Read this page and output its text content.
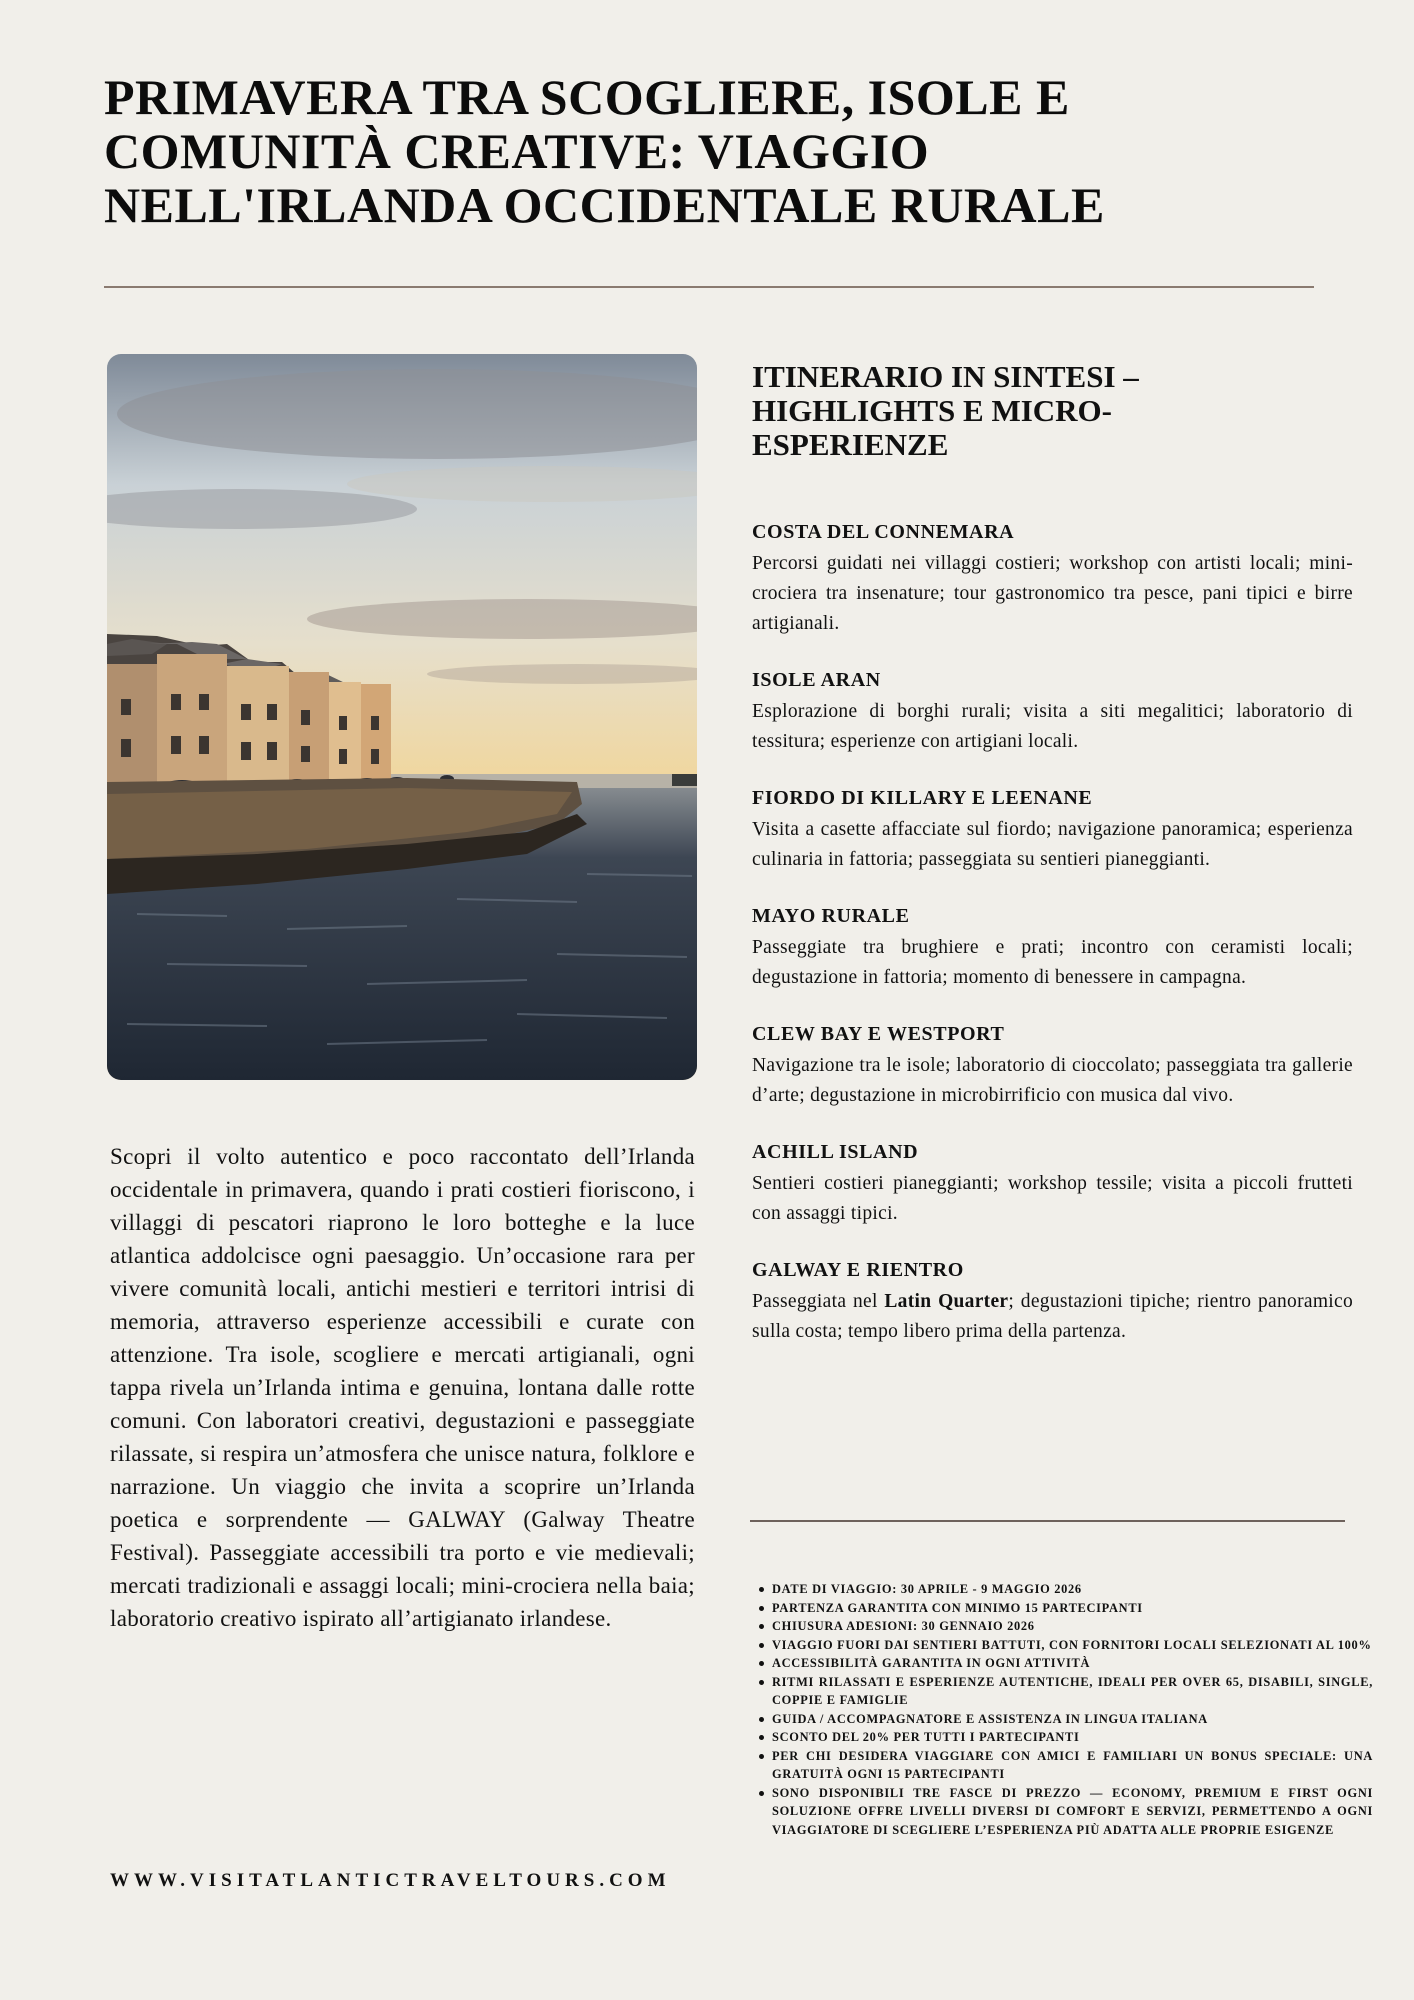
PRIMAVERA TRA SCOGLIERE, ISOLE E
COMUNITÀ CREATIVE: VIAGGIO
NELL'IRLANDA OCCIDENTALE RURALE

Scopri il volto autentico e poco raccontato dell’Irlanda occidentale in primavera, quando i prati costieri fioriscono, i villaggi di pescatori riaprono le loro botteghe e la luce atlantica addolcisce ogni paesaggio. Un’occasione rara per vivere comunità locali, antichi mestieri e territori intrisi di memoria, attraverso esperienze accessibili e curate con attenzione. Tra isole, scogliere e mercati artigianali, ogni tappa rivela un’Irlanda intima e genuina, lontana dalle rotte comuni. Con laboratori creativi, degustazioni e passeggiate rilassate, si respira un’atmosfera che unisce natura, folklore e narrazione. Un viaggio che invita a scoprire un’Irlanda poetica e sorprendente — GALWAY (Galway Theatre Festival). Passeggiate accessibili tra porto e vie medievali; mercati tradizionali e assaggi locali; mini-crociera nella baia; laboratorio creativo ispirato all’artigianato irlandese.

WWW.VISITATLANTICTRAVELTOURS.COM
ITINERARIO IN SINTESI –
HIGHLIGHTS E MICRO-
ESPERIENZE
COSTA DEL CONNEMARA

Percorsi guidati nei villaggi costieri; workshop con artisti locali; mini-crociera tra insenature; tour gastronomico tra pesce, pani tipici e birre artigianali.

ISOLE ARAN

Esplorazione di borghi rurali; visita a siti megalitici; laboratorio di tessitura; esperienze con artigiani locali.

FIORDO DI KILLARY E LEENANE

Visita a casette affacciate sul fiordo; navigazione panoramica; esperienza culinaria in fattoria; passeggiata su sentieri pianeggianti.

MAYO RURALE

Passeggiate tra brughiere e prati; incontro con ceramisti locali; degustazione in fattoria; momento di benessere in campagna.

CLEW BAY E WESTPORT

Navigazione tra le isole; laboratorio di cioccolato; passeggiata tra gallerie d’arte; degustazione in microbirrificio con musica dal vivo.

ACHILL ISLAND

Sentieri costieri pianeggianti; workshop tessile; visita a piccoli frutteti con assaggi tipici.

GALWAY E RIENTRO

Passeggiata nel Latin Quarter; degustazioni tipiche; rientro panoramico sulla costa; tempo libero prima della partenza.

DATE DI VIAGGIO: 30 APRILE - 9 MAGGIO 2026
PARTENZA GARANTITA CON MINIMO 15 PARTECIPANTI
CHIUSURA ADESIONI: 30 GENNAIO 2026
VIAGGIO FUORI DAI SENTIERI BATTUTI, CON FORNITORI LOCALI SELEZIONATI AL 100%
ACCESSIBILITÀ GARANTITA IN OGNI ATTIVITÀ
RITMI RILASSATI E ESPERIENZE AUTENTICHE, IDEALI PER OVER 65, DISABILI, SINGLE, COPPIE E FAMIGLIE
GUIDA / ACCOMPAGNATORE E ASSISTENZA IN LINGUA ITALIANA
SCONTO DEL 20% PER TUTTI I PARTECIPANTI
PER CHI DESIDERA VIAGGIARE CON AMICI E FAMILIARI UN BONUS SPECIALE: UNA GRATUITÀ OGNI 15 PARTECIPANTI
SONO DISPONIBILI TRE FASCE DI PREZZO — ECONOMY, PREMIUM E FIRST OGNI SOLUZIONE OFFRE LIVELLI DIVERSI DI COMFORT E SERVIZI, PERMETTENDO A OGNI VIAGGIATORE DI SCEGLIERE L’ESPERIENZA PIÙ ADATTA ALLE PROPRIE ESIGENZE
